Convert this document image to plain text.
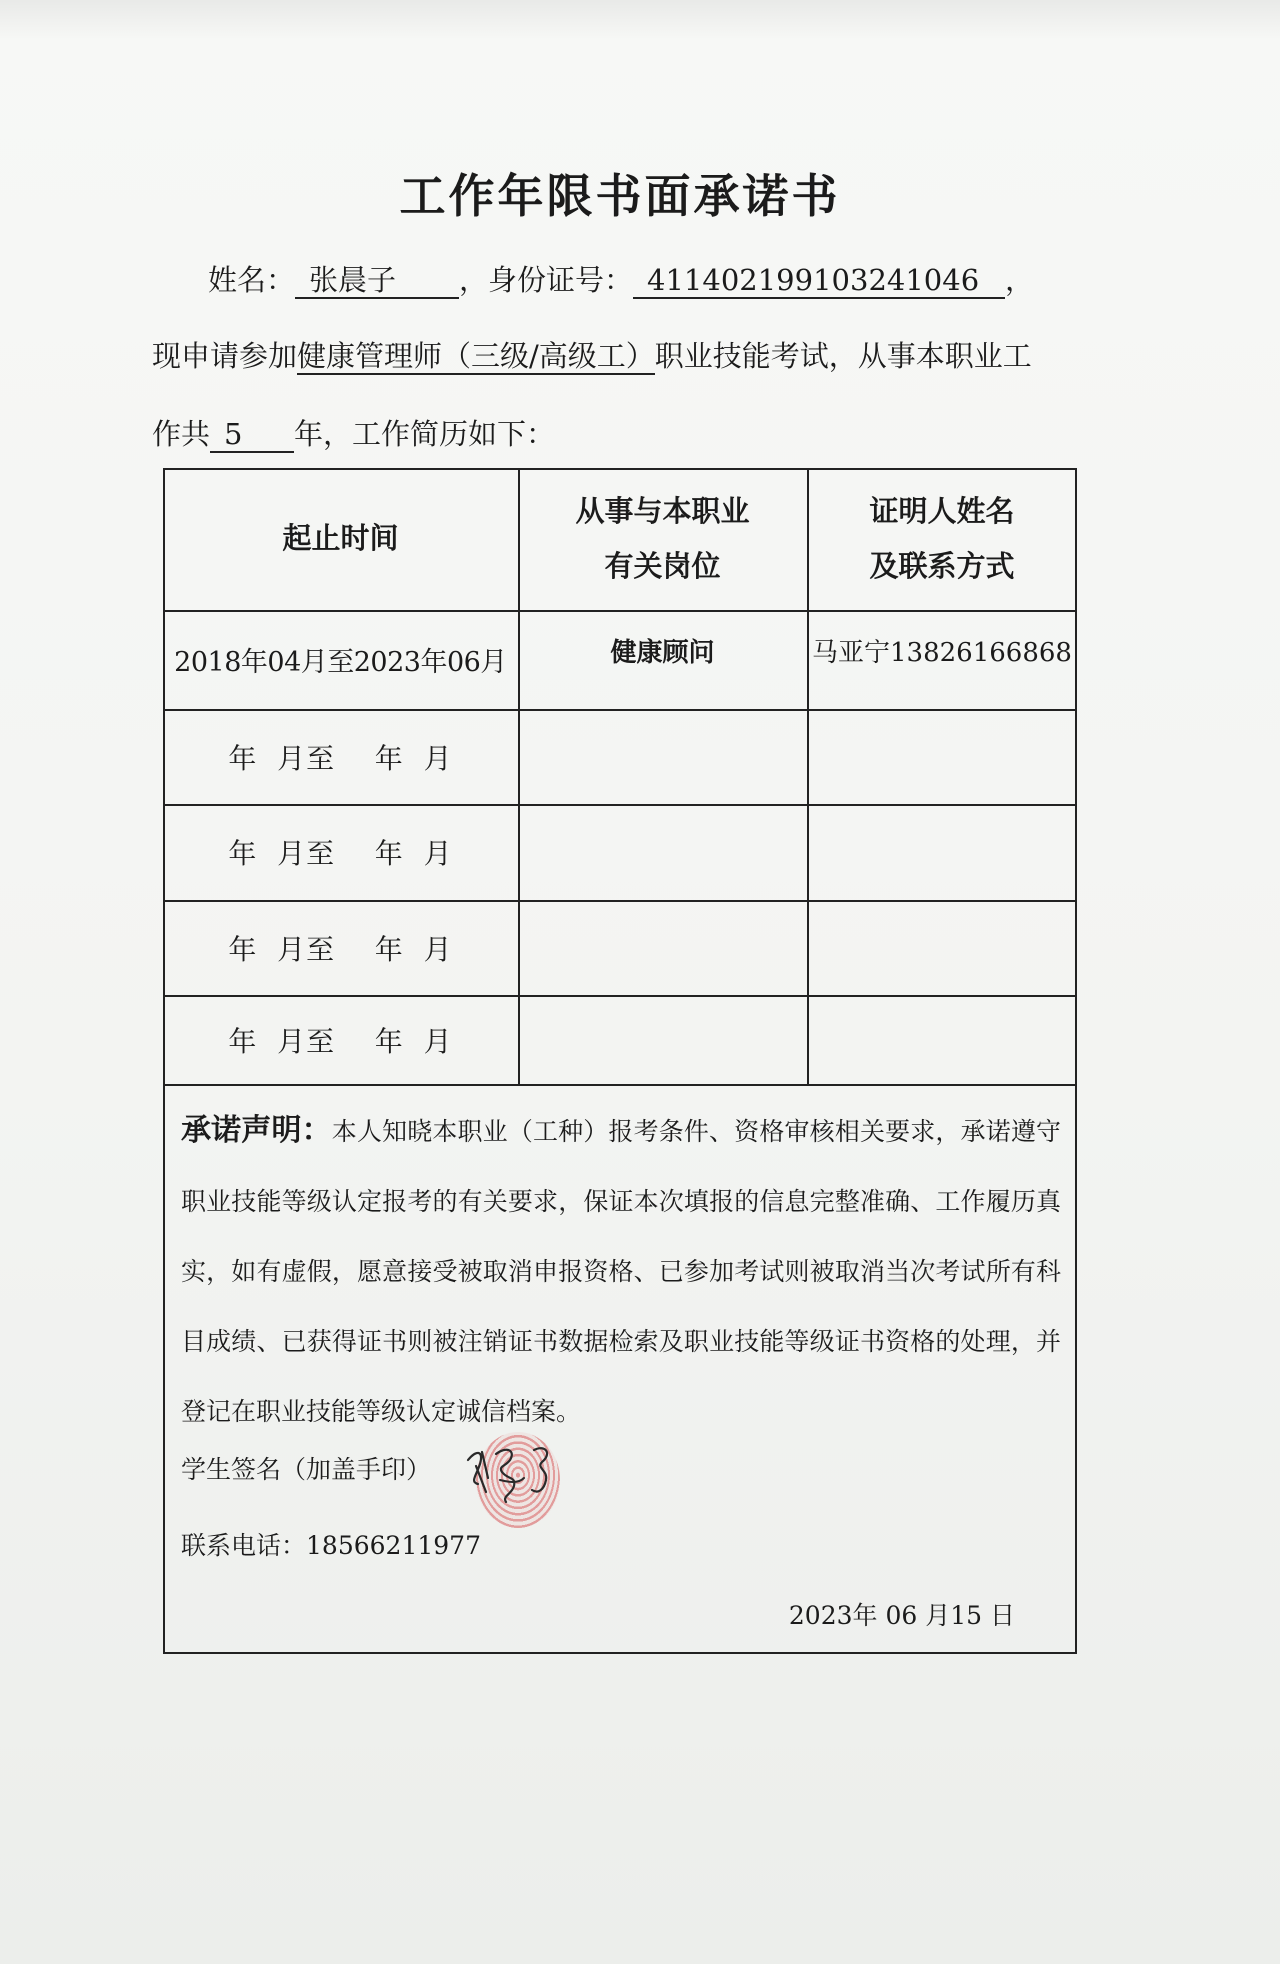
工作年限书面承诺书
姓名： 张晨子 ，身份证号： 411402199103241046 ，
现申请参加健康管理师（三级/高级工）职业技能考试，从事本职业工
作共 5 年，工作简历如下：
起止时间
从事与本职业
有关岗位
证明人姓名
及联系方式
2018年04月至2023年06月	健康顾问	马亚宁13826166868
年
月至
年
月
年
月至
年
月
年
月至
年
月
年
月至
年
月
承诺声明：本人知晓本职业（工种）报考条件、资格审核相关要求，承诺遵守职业技能等级认定报考的有关要求，保证本次填报的信息完整准确、工作履历真实，如有虚假，愿意接受被取消申报资格、已参加考试则被取消当次考试所有科目成绩、已获得证书则被注销证书数据检索及职业技能等级证书资格的处理，并登记在职业技能等级认定诚信档案。
学生签名（加盖手印）
联系电话：18566211977
2023年 06 月15 日
